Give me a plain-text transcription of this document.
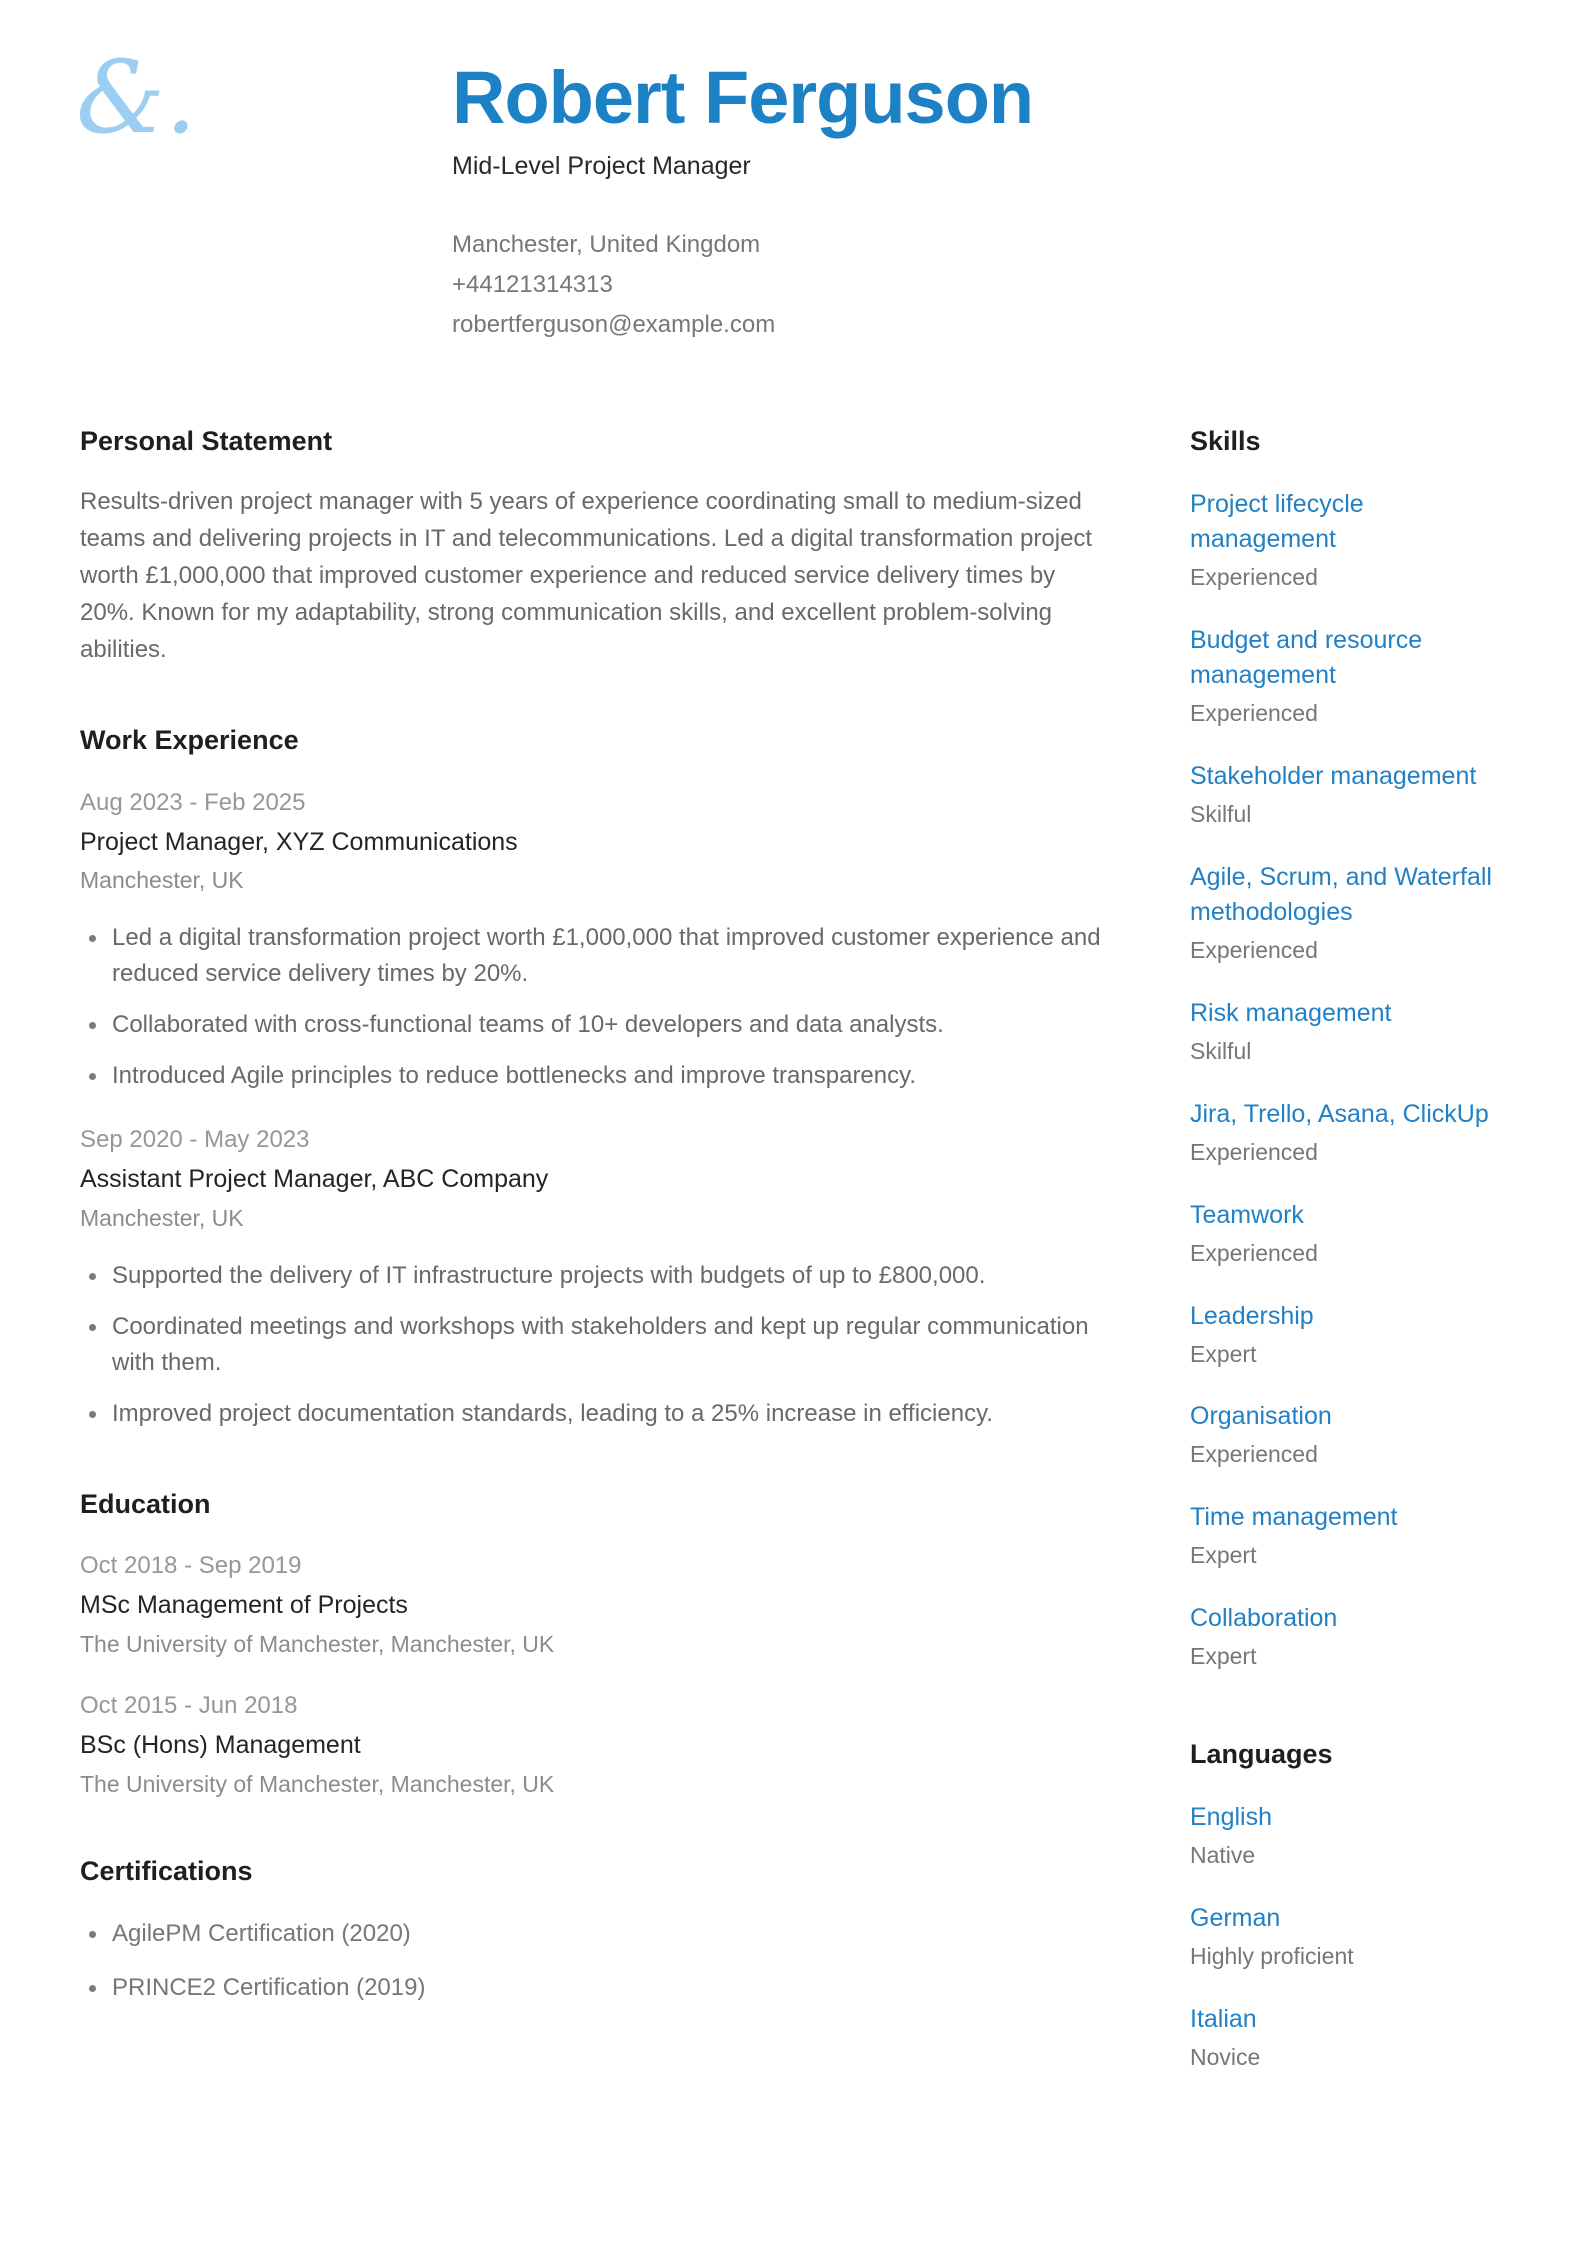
&.	Robert Ferguson
Mid-Level Project Manager
Manchester, United Kingdom
+44121314313
robertferguson@example.com
Personal Statement

Results-driven project manager with 5 years of experience coordinating small to medium-sized teams and delivering projects in IT and telecommunications. Led a digital transformation project worth £1,000,000 that improved customer experience and reduced service delivery times by 20%. Known for my adaptability, strong communication skills, and excellent problem-solving abilities.

Work Experience
Aug 2023 - Feb 2025
Project Manager, XYZ Communications
Manchester, UK
Led a digital transformation project worth £1,000,000 that improved customer experience and reduced service delivery times by 20%.
Collaborated with cross-functional teams of 10+ developers and data analysts.
Introduced Agile principles to reduce bottlenecks and improve transparency.
Sep 2020 - May 2023
Assistant Project Manager, ABC Company
Manchester, UK
Supported the delivery of IT infrastructure projects with budgets of up to £800,000.
Coordinated meetings and workshops with stakeholders and kept up regular communication with them.
Improved project documentation standards, leading to a 25% increase in efficiency.
Education
Oct 2018 - Sep 2019
MSc Management of Projects
The University of Manchester, Manchester, UK
Oct 2015 - Jun 2018
BSc (Hons) Management
The University of Manchester, Manchester, UK
Certifications
AgilePM Certification (2020)
PRINCE2 Certification (2019)
Skills
Project lifecycle management
Experienced
Budget and resource management
Experienced
Stakeholder management
Skilful
Agile, Scrum, and Waterfall methodologies
Experienced
Risk management
Skilful
Jira, Trello, Asana, ClickUp
Experienced
Teamwork
Experienced
Leadership
Expert
Organisation
Experienced
Time management
Expert
Collaboration
Expert
Languages
English
Native
German
Highly proficient
Italian
Novice
